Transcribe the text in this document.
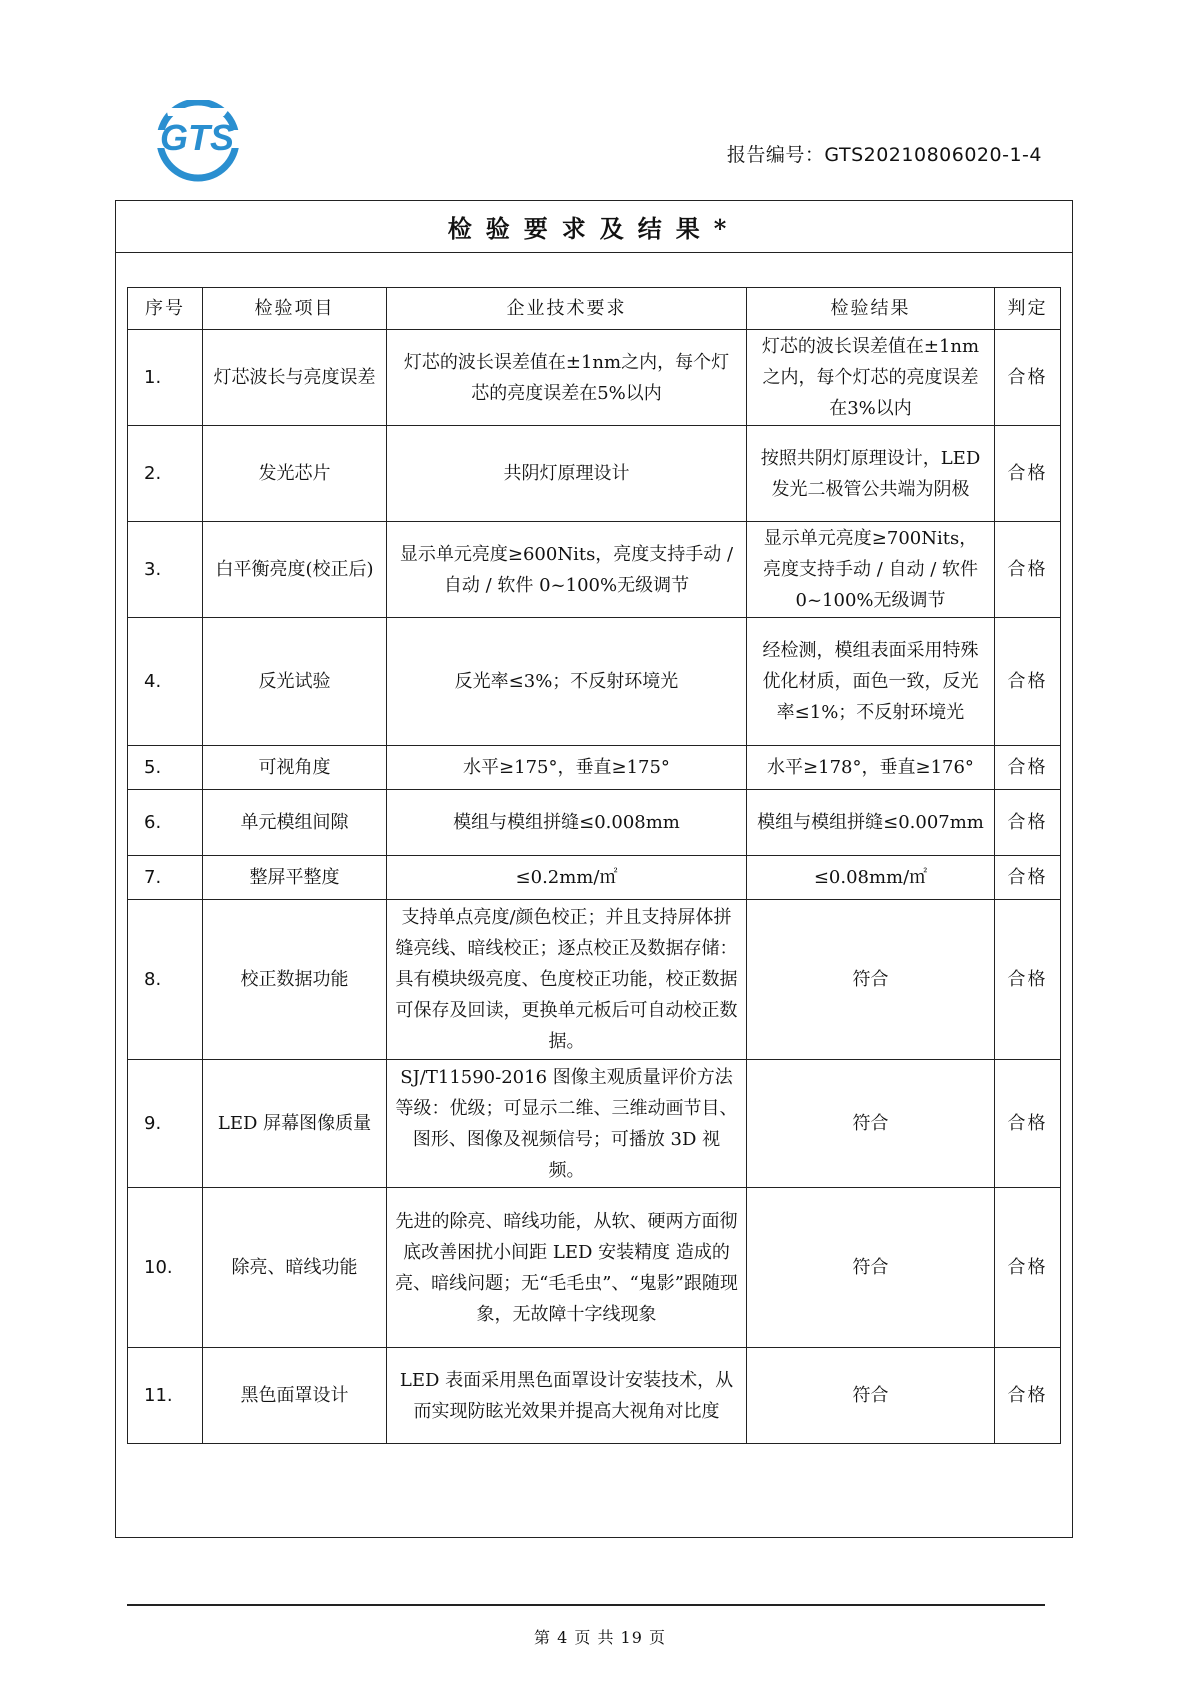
GTS	报告编号：GTS20210806020-1-4
检验要求及结果*
序号	检验项目	企业技术要求	检验结果	判定
1.	灯芯波长与亮度误差	灯芯的波长误差值在±1nm之内，每个灯芯的亮度误差在5%以内	灯芯的波长误差值在±1nm之内，每个灯芯的亮度误差在3%以内	合格
2.	发光芯片	共阴灯原理设计	按照共阴灯原理设计，LED 发光二极管公共端为阴极	合格
3.	白平衡亮度(校正后)	显示单元亮度≥600Nits，亮度支持手动 / 自动 / 软件 0~100%无级调节	显示单元亮度≥700Nits，亮度支持手动 / 自动 / 软件 0~100%无级调节	合格
4.	反光试验	反光率≤3%；不反射环境光	经检测，模组表面采用特殊优化材质，面色一致，反光率≤1%；不反射环境光	合格
5.	可视角度	水平≥175°，垂直≥175°	水平≥178°，垂直≥176°	合格
6.	单元模组间隙	模组与模组拼缝≤0.008mm	模组与模组拼缝≤0.007mm	合格
7.	整屏平整度	≤0.2mm/㎡	≤0.08mm/㎡	合格
8.	校正数据功能	支持单点亮度/颜色校正；并且支持屏体拼缝亮线、暗线校正；逐点校正及数据存储：具有模块级亮度、色度校正功能，校正数据可保存及回读，更换单元板后可自动校正数据。	符合	合格
9.	LED 屏幕图像质量	SJ/T11590-2016 图像主观质量评价方法等级：优级；可显示二维、三维动画节目、图形、图像及视频信号；可播放 3D 视频。	符合	合格
10.	除亮、暗线功能	先进的除亮、暗线功能，从软、硬两方面彻底改善困扰小间距 LED 安装精度 造成的亮、暗线问题；无“毛毛虫”、“鬼影”跟随现象，无故障十字线现象	符合	合格
11.	黑色面罩设计	LED 表面采用黑色面罩设计安装技术，从而实现防眩光效果并提高大视角对比度	符合	合格
第 4 页 共 19 页
